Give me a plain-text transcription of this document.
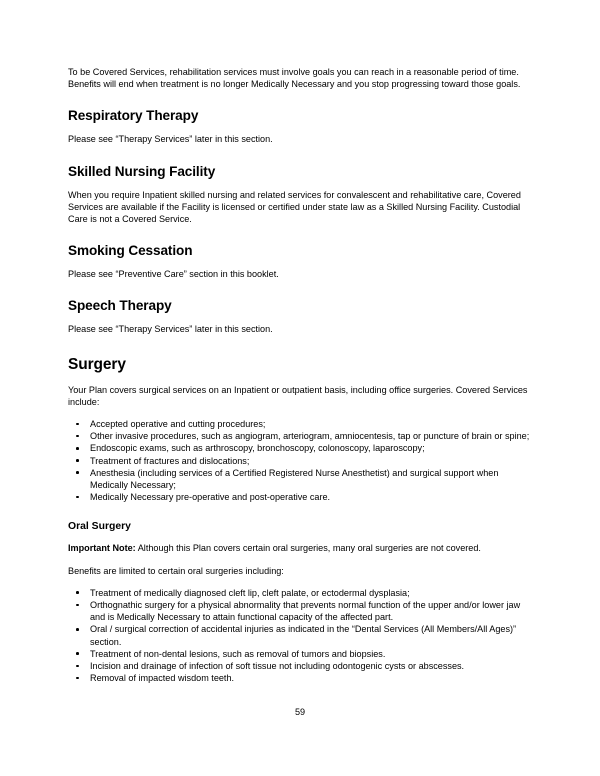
To be Covered Services, rehabilitation services must involve goals you can reach in a reasonable period of time. Benefits will end when treatment is no longer Medically Necessary and you stop progressing toward those goals.

Respiratory Therapy

Please see “Therapy Services” later in this section.

Skilled Nursing Facility

When you require Inpatient skilled nursing and related services for convalescent and rehabilitative care, Covered Services are available if the Facility is licensed or certified under state law as a Skilled Nursing Facility. Custodial Care is not a Covered Service.

Smoking Cessation

Please see “Preventive Care” section in this booklet.

Speech Therapy

Please see “Therapy Services” later in this section.

Surgery

Your Plan covers surgical services on an Inpatient or outpatient basis, including office surgeries. Covered Services include:

Accepted operative and cutting procedures;
Other invasive procedures, such as angiogram, arteriogram, amniocentesis, tap or puncture of brain or spine;
Endoscopic exams, such as arthroscopy, bronchoscopy, colonoscopy, laparoscopy;
Treatment of fractures and dislocations;
Anesthesia (including services of a Certified Registered Nurse Anesthetist) and surgical support when Medically Necessary;
Medically Necessary pre-operative and post-operative care.
Oral Surgery

Important Note: Although this Plan covers certain oral surgeries, many oral surgeries are not covered.

Benefits are limited to certain oral surgeries including:

Treatment of medically diagnosed cleft lip, cleft palate, or ectodermal dysplasia;
Orthognathic surgery for a physical abnormality that prevents normal function of the upper and/or lower jaw and is Medically Necessary to attain functional capacity of the affected part.
Oral / surgical correction of accidental injuries as indicated in the “Dental Services (All Members/All Ages)” section.
Treatment of non-dental lesions, such as removal of tumors and biopsies.
Incision and drainage of infection of soft tissue not including odontogenic cysts or abscesses.
Removal of impacted wisdom teeth.
59
